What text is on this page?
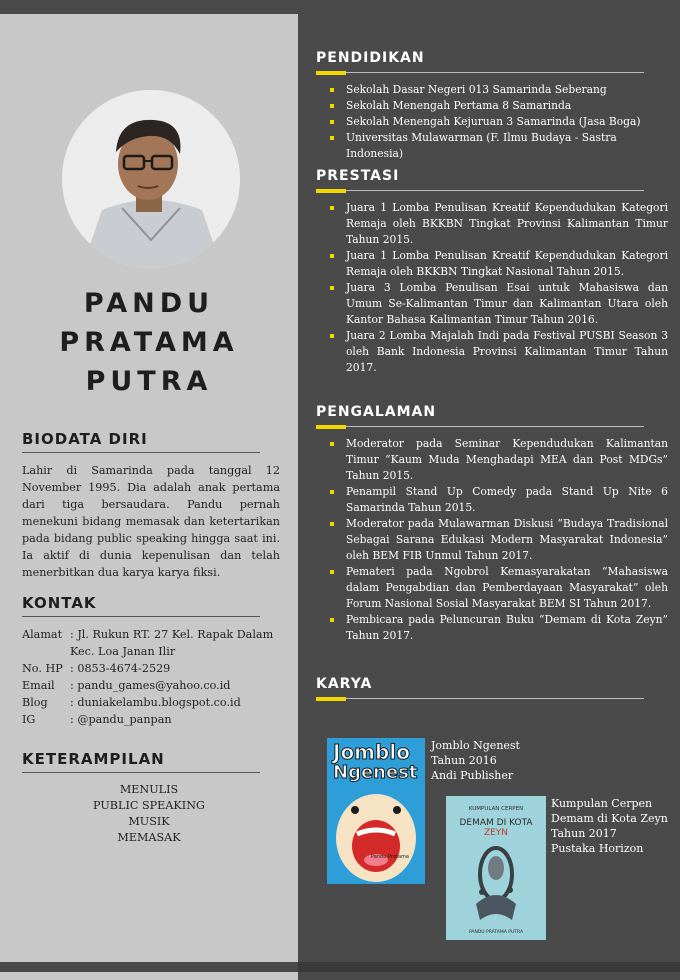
PANDU
PRATAMA
PUTRA
BIODATA DIRI
Lahir di Samarinda pada tanggal 12 November 1995. Dia adalah anak pertama dari tiga bersaudara. Pandu pernah menekuni bidang memasak dan ketertarikan pada bidang public speaking hingga saat ini. Ia aktif di dunia kepenulisan dan telah menerbitkan dua karya karya fiksi.
KONTAK
Alamat : Jl. Rukun RT. 27 Kel. Rapak Dalam Kec. Loa Janan Ilir
No. HP : 0853-4674-2529
Email	: pandu_games@yahoo.co.id
Blog	: duniakelambu.blogspot.co.id
IG	: @pandu_panpan
KETERAMPILAN
MENULIS
PUBLIC SPEAKING
MUSIK
MEMASAK
PENDIDIKAN
Sekolah Dasar Negeri 013 Samarinda Seberang
Sekolah Menengah Pertama 8 Samarinda
Sekolah Menengah Kejuruan 3 Samarinda (Jasa Boga)
Universitas Mulawarman (F. Ilmu Budaya - Sastra Indonesia)
PRESTASI
Juara 1 Lomba Penulisan Kreatif Kependudukan Kategori Remaja oleh BKKBN Tingkat Provinsi Kalimantan Timur Tahun 2015.
Juara 1 Lomba Penulisan Kreatif Kependudukan Kategori Remaja oleh BKKBN Tingkat Nasional Tahun 2015.
Juara 3 Lomba Penulisan Esai untuk Mahasiswa dan Umum Se-Kalimantan Timur dan Kalimantan Utara oleh Kantor Bahasa Kalimantan Timur Tahun 2016.
Juara 2 Lomba Majalah Indi pada Festival PUSBI Season 3 oleh Bank Indonesia Provinsi Kalimantan Timur Tahun 2017.
PENGALAMAN
Moderator pada Seminar Kependudukan Kalimantan Timur “Kaum Muda Menghadapi MEA dan Post MDGs” Tahun 2015.
Penampil Stand Up Comedy pada Stand Up Nite 6 Samarinda Tahun 2015.
Moderator pada Mulawarman Diskusi “Budaya Tradisional Sebagai Sarana Edukasi Modern Masyarakat Indonesia” oleh BEM FIB Unmul Tahun 2017.
Pemateri pada Ngobrol Kemasyarakatan “Mahasiswa dalam Pengabdian dan Pemberdayaan Masyarakat” oleh Forum Nasional Sosial Masyarakat BEM SI Tahun 2017.
Pembicara pada Peluncuran Buku “Demam di Kota Zeyn” Tahun 2017.
KARYA
Jomblo
Ngenest
Pandu Pratama
Jomblo Ngenest
Tahun 2016
Andi Publisher
KUMPULAN CERPEN
DEMAM DI KOTA ZEYN
PANDU PRATAMA PUTRA
Kumpulan Cerpen
Demam di Kota Zeyn
Tahun 2017
Pustaka Horizon
